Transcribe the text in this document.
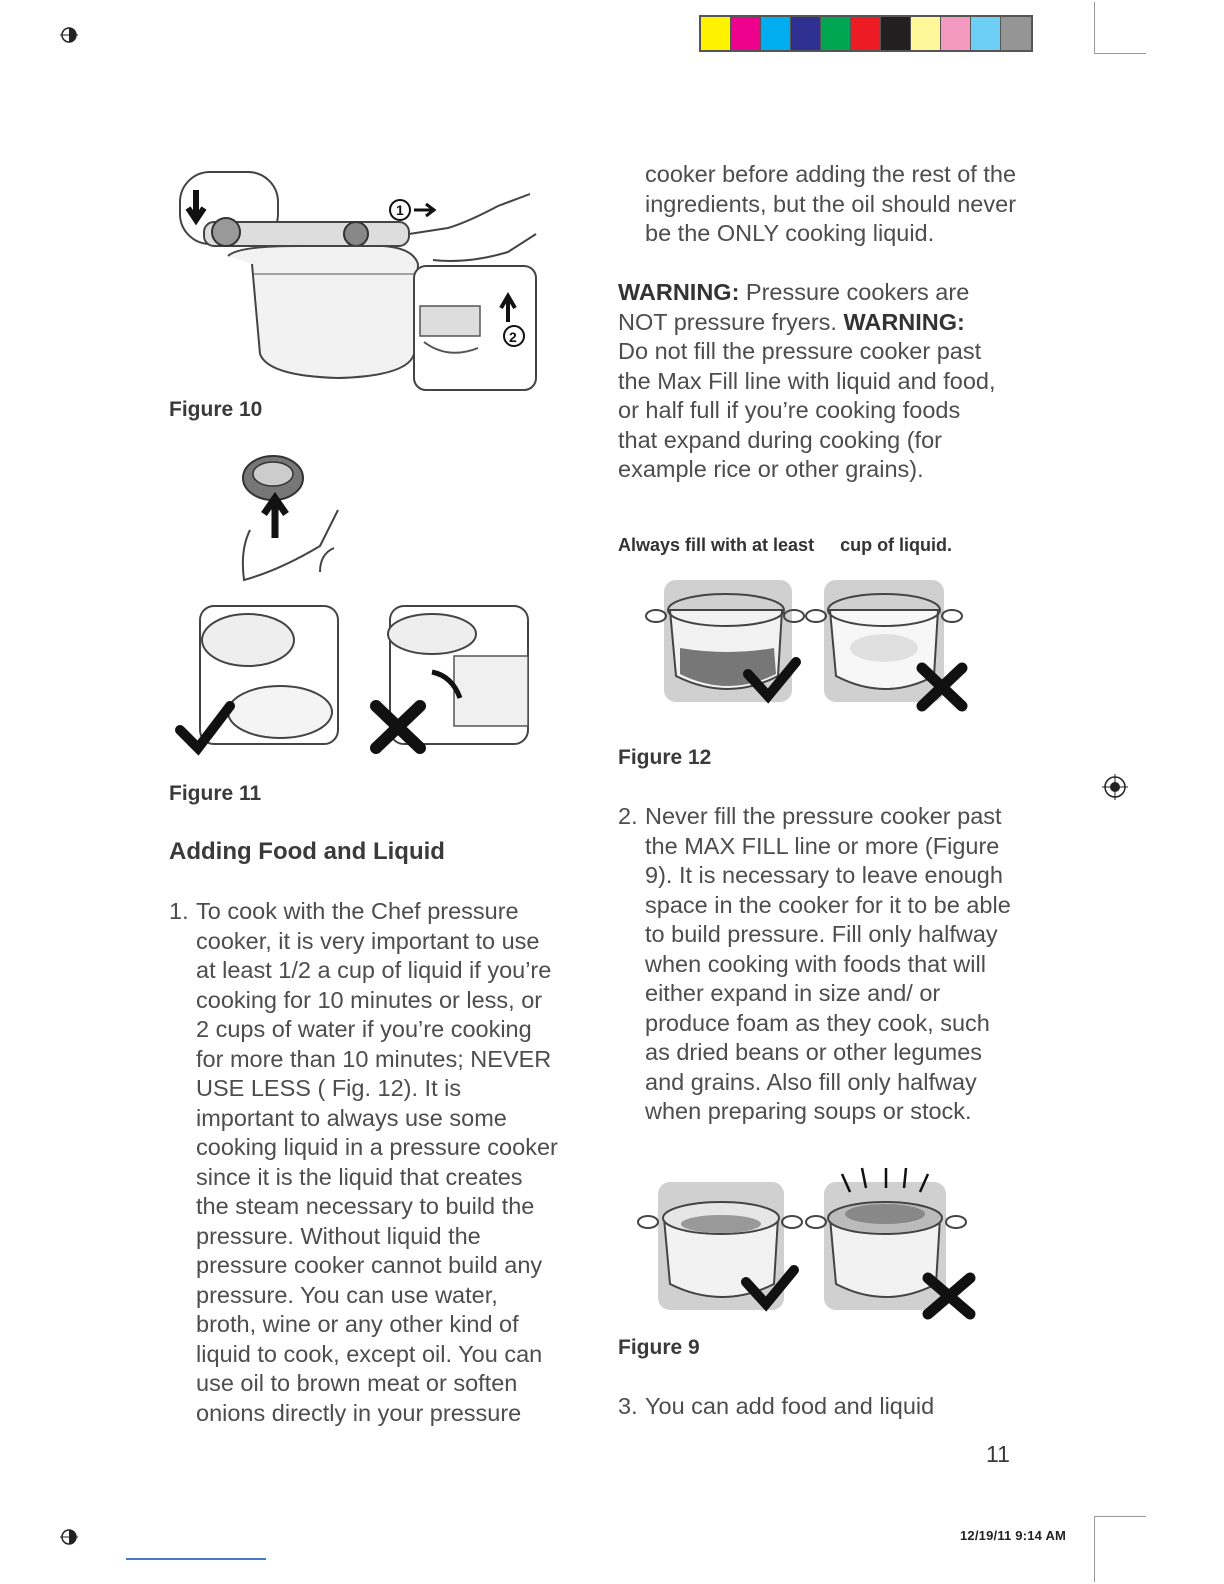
1
2
Figure 10
Figure 11
Adding Food and Liquid
1. To cook with the Chef pressure cooker, it is very important to use at least 1/2 a cup of liquid if you’re cooking for 10 minutes or less, or 2 cups of water if you’re cooking for more than 10 minutes; NEVER USE LESS ( Fig. 12). It is important to always use some cooking liquid in a pressure cooker since it is the liquid that creates the steam necessary to build the pressure. Without liquid the pressure cooker cannot build any pressure. You can use water, broth, wine or any other kind of liquid to cook, except oil. You can use oil to brown meat or soften onions directly in your pressure
cooker before adding the rest of the ingredients, but the oil should never be the ONLY cooking liquid.
WARNING: Pressure cookers are NOT pressure fryers. WARNING: Do not fill the pressure cooker past the Max Fill line with liquid and food, or half full if you’re cooking foods that expand during cooking (for example rice or other grains).
Always fill with at least cup of liquid.
Figure 12
2. Never fill the pressure cooker past the MAX FILL line or more (Figure 9). It is necessary to leave enough space in the cooker for it to be able to build pressure. Fill only halfway when cooking with foods that will either expand in size and/ or produce foam as they cook, such as dried beans or other legumes and grains. Also fill only halfway when preparing soups or stock.
Figure 9
3. You can add food and liquid
11
12/19/11 9:14 AM
